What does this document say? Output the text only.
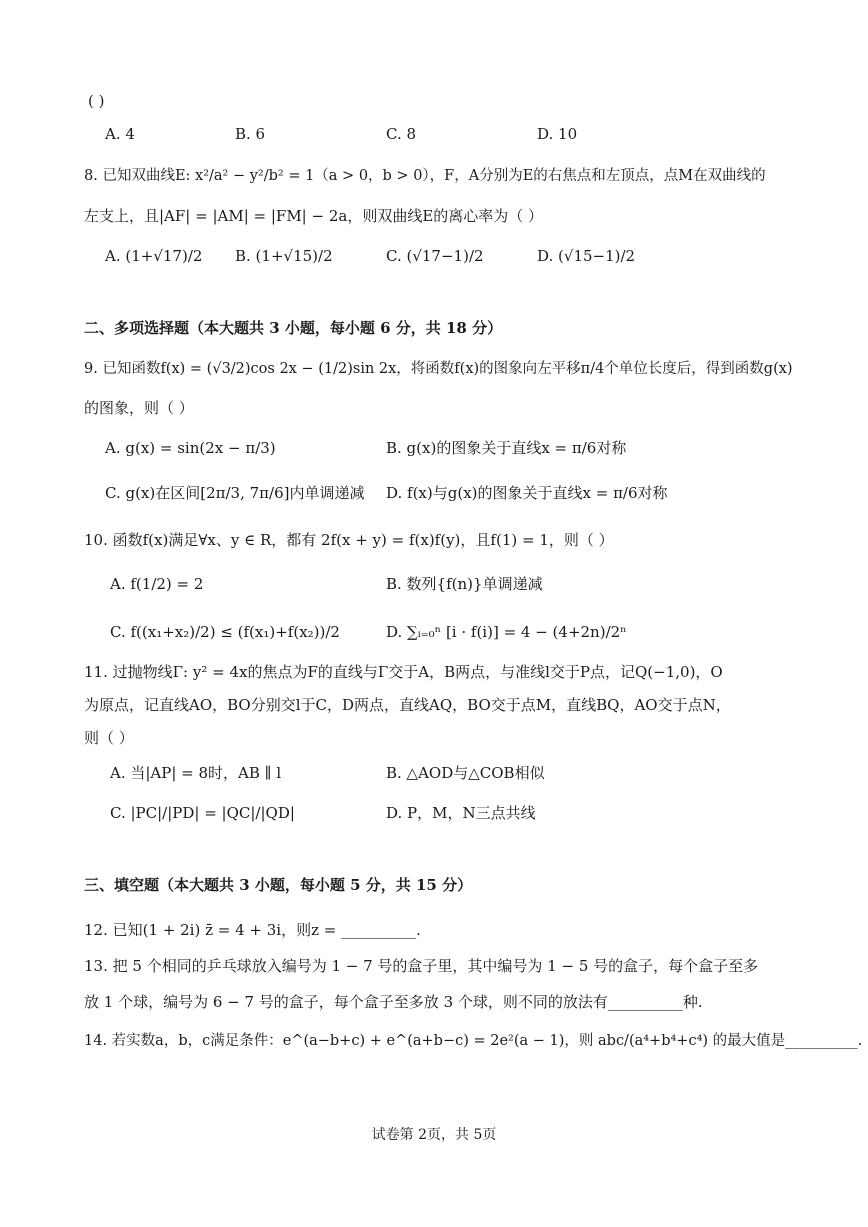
( )
A. 4	B. 6	C. 8	D. 10
8. 已知双曲线E: x²/a² − y²/b² = 1（a > 0，b > 0），F，A分别为E的右焦点和左顶点，点M在双曲线的
左支上，且|AF| = |AM| = |FM| − 2a，则双曲线E的离心率为（ ）
A. (1+√17)/2 B. (1+√15)/2	C. (√17−1)/2	D. (√15−1)/2
二、多项选择题（本大题共 3 小题，每小题 6 分，共 18 分）
9. 已知函数f(x) = (√3/2)cos 2x − (1/2)sin 2x，将函数f(x)的图象向左平移π/4个单位长度后，得到函数g(x)
的图象，则（ ）
A. g(x) = sin(2x − π/3)	B. g(x)的图象关于直线x = π/6对称
C. g(x)在区间[2π/3, 7π/6]内单调递减 D. f(x)与g(x)的图象关于直线x = π/6对称
10. 函数f(x)满足∀x、y ∈ R，都有 2f(x + y) = f(x)f(y)，且f(1) = 1，则（ ）
A. f(1/2) = 2	B. 数列{f(n)}单调递减
C. f((x₁+x₂)/2) ≤ (f(x₁)+f(x₂))/2	D. ∑ᵢ₌₀ⁿ [i · f(i)] = 4 − (4+2n)/2ⁿ
11. 过抛物线Γ: y² = 4x的焦点为F的直线与Γ交于A，B两点，与准线l交于P点，记Q(−1,0)，O
为原点，记直线AO，BO分别交l于C，D两点，直线AQ，BO交于点M，直线BQ，AO交于点N，
则（ ）
A. 当|AP| = 8时，AB ∥ l	B. △AOD与△COB相似
C. |PC|/|PD| = |QC|/|QD|	D. P，M，N三点共线
三、填空题（本大题共 3 小题，每小题 5 分，共 15 分）
12. 已知(1 + 2i) z̄ = 4 + 3i，则z = __________.
13. 把 5 个相同的乒乓球放入编号为 1 − 7 号的盒子里，其中编号为 1 − 5 号的盒子，每个盒子至多
放 1 个球，编号为 6 − 7 号的盒子，每个盒子至多放 3 个球，则不同的放法有__________种.
14. 若实数a，b，c满足条件：e^(a−b+c) + e^(a+b−c) = 2e²(a − 1)，则 abc/(a⁴+b⁴+c⁴) 的最大值是__________.
试卷第 2页，共 5页
